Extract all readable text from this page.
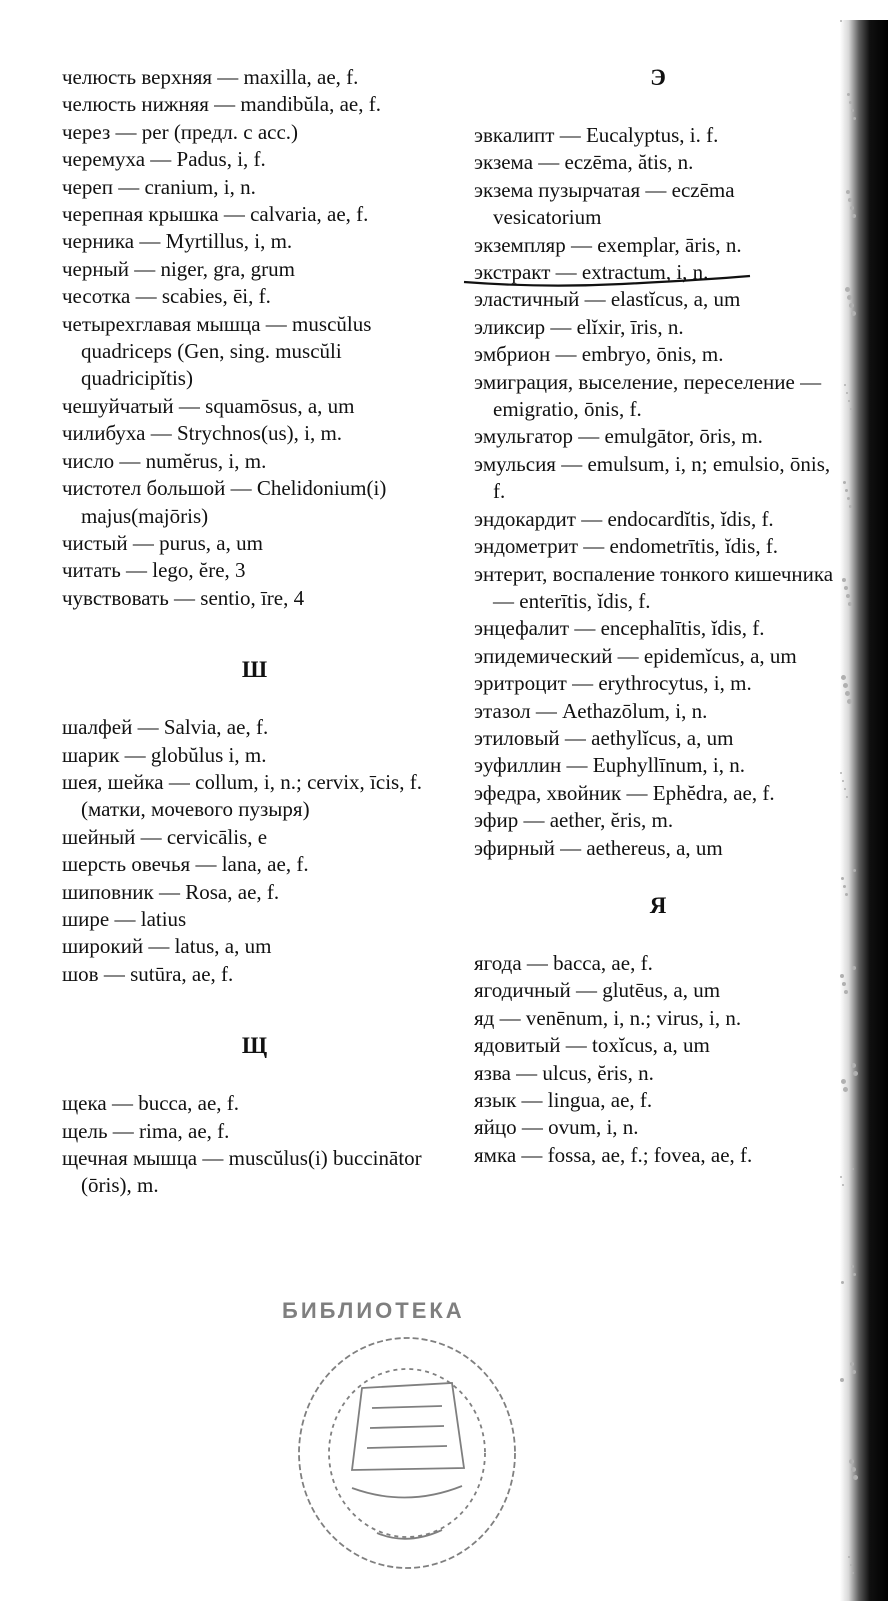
челюсть верхняя — maxilla, ae, f.
челюсть нижняя — mandibŭla, ae, f.
через — per (предл. с acc.)
черемуха — Padus, i, f.
череп — cranium, i, n.
черепная крышка — calvaria, ae, f.
черника — Myrtillus, i, m.
черный — niger, gra, grum
чесотка — scabies, ēi, f.
четырехглавая мышца — muscŭlus quadriceps (Gen, sing. muscŭli quadricipĭtis)
чешуйчатый — squamōsus, a, um
чилибуха — Strychnos(us), i, m.
число — numĕrus, i, m.
чистотел большой — Chelidonium(i) majus(majōris)
чистый — purus, a, um
читать — lego, ĕre, 3
чувствовать — sentio, īre, 4
Ш
шалфей — Salvia, ae, f.
шарик — globŭlus i, m.
шея, шейка — collum, i, n.; cervix, īcis, f. (матки, мочевого пузыря)
шейный — cervicālis, e
шерсть овечья — lana, ae, f.
шиповник — Rosa, ae, f.
шире — latius
широкий — latus, a, um
шов — sutūra, ae, f.
Щ
щека — bucca, ae, f.
щель — rima, ae, f.
щечная мышца — muscŭlus(i) buccinātor (ōris), m.
Э
эвкалипт — Eucalyptus, i. f.
экзема — eczēma, ătis, n.
экзема пузырчатая — eczēma vesicatorium
экземпляр — exemplar, āris, n.
экстракт — extractum, i, n.
эластичный — elastĭcus, a, um
эликсир — elĭxir, īris, n.
эмбрион — embryo, ōnis, m.
эмиграция, выселение, переселение — emigratio, ōnis, f.
эмульгатор — emulgātor, ōris, m.
эмульсия — emulsum, i, n; emulsio, ōnis, f.
эндокардит — endocardĭtis, ĭdis, f.
эндометрит — endometrītis, ĭdis, f.
энтерит, воспаление тонкого кишечника — enterītis, ĭdis, f.
энцефалит — encephalītis, ĭdis, f.
эпидемический — epidemĭcus, a, um
эритроцит — erythrocytus, i, m.
этазол — Aethazōlum, i, n.
этиловый — aethylĭcus, a, um
эуфиллин — Euphyllīnum, i, n.
эфедра, хвойник — Ephĕdra, ae, f.
эфир — aether, ĕris, m.
эфирный — aethereus, a, um
Я
ягода — bacca, ae, f.
ягодичный — glutēus, a, um
яд — venēnum, i, n.; virus, i, n.
ядовитый — toxĭcus, a, um
язва — ulcus, ĕris, n.
язык — lingua, ae, f.
яйцо — ovum, i, n.
ямка — fossa, ae, f.; fovea, ae, f.
БИБЛИОТЕКА
